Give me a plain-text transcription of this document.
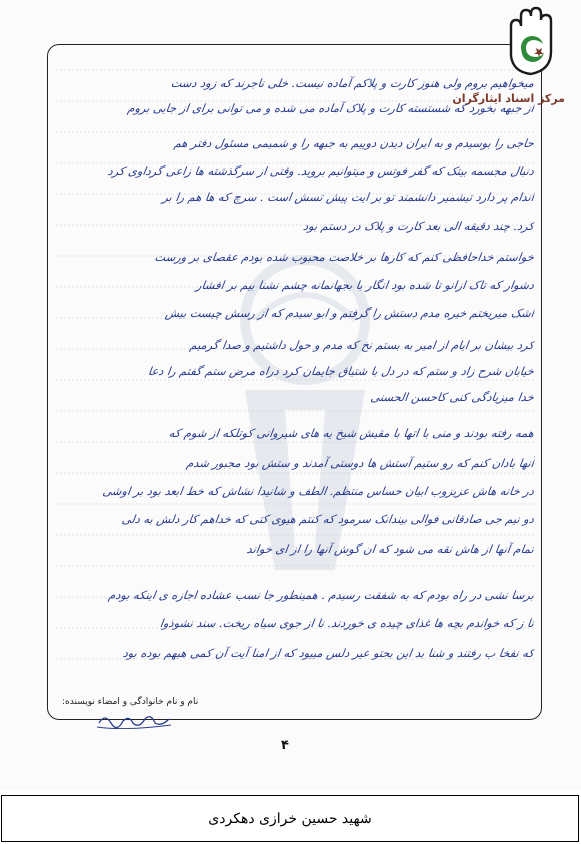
مرکز اسناد ایثارگران
میخواهیم بروم ولی هنوز کارت و پلاکم آماده نیست. خلی ناجرند که زود دست
از جبهه بخورد که شستسته کارت و پلاک آماده می شده و می توانی برای از جایی بروم
حاجی را بوسیدم و به ایران دیدن دوییم به جبهه را و شمیمی مسئول دفتر هم
دنبال مجسمه بیتک که گفر فوتس و میتوانیم بروید. وقتی از سرگذشته ها زاعی گرداوی کرد
اندام پر دارد تیشمیر دانشمند تو بر ایت پیش تسش است . سرچ که ها هم را بر
کرد. چند دقیقه الی بعد کارت و پلاک در دستم بود
خواستم خداحافظی کنم که کارها بر خلاصت محبوب شده بودم عقصای بر ورست
دشوار که تاک ازانو تا شده بود انگار با بجهانمانه چشم نشنا بیم بر افشار
اشک میریختم خیره مدم دستش را گرفتم و ابو سیدم که از رسش چیست بیش
کرد بیشان بر ایام از امیر به بستم نخ که مدم و حول داشتیم و صدا گرمیم
خیابان شرح زاد و ستم که در دل با شتیاق جایمان کرد دراه مرض ستم گفتم را دعا
خدا میزیادگی کنی کاحسن الحسنی
همه رفته بودند و منی با اتها با مقیش شیخ یه های شیروانی کوتلکه از شوم که
آنها بادان کنم که رو ستیم آستش ها دوستی آمدند و ستش بود مجبور شدم
در خانه هاش عزیزوب ابیان حساس منتظم. الطف و شانیدا نشاش که خط ابعد بود بر اوشی
دو نیم جی صادقانی فوالی بیندانک سرمود که کنتم هیوی کتی که خداهم کار دلش به دلی
تمام آنها از هاش نقه می شود که ان گوش آنها را از ای خواند
برسا نشی در راه بودم که به شفقت رسیدم . همینطور جا نسب عشاده اجازه ی اینکه بودم
تا ز که خواندم بچه ها غذای چیده ی خوردند. نا از جوی سیاه ریخت. سند نشوذوا
که نفخا ب رفتند و شنا بد این بحتو عیر دلس مییود که از امنا آیت آن کمی هبهم بوده بود
نام و نام خانوادگی و امضاء نویسنده:
۴
شهید حسین خرازی دهکردی
